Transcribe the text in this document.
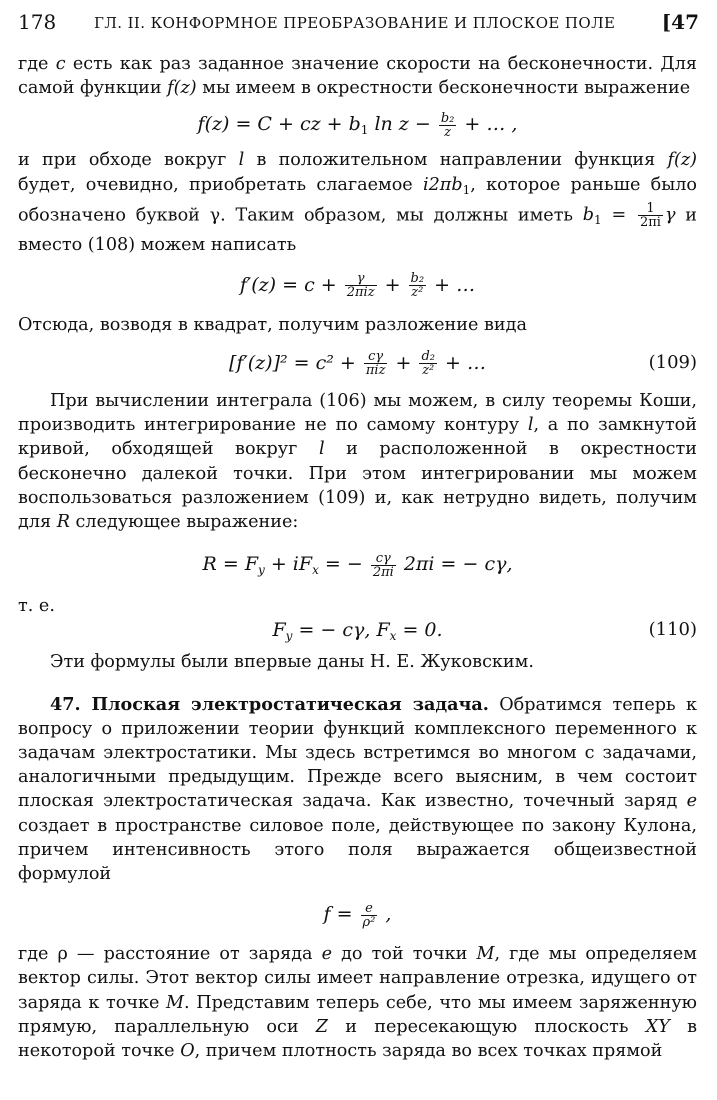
178	ГЛ. II. КОНФОРМНОЕ ПРЕОБРАЗОВАНИЕ И ПЛОСКОЕ ПОЛЕ [47

где c есть как раз заданное значение скорости на бесконечности. Для самой функции f(z) мы имеем в окрестности бесконечности выражение

f(z) = C + cz + $b_1$ $\ln z - \frac{\text{b₂}}{z}$ + … ,

и при обходе вокруг l в положительном направлении функция f(z) будет, очевидно, приобретать слагаемое $i2\pi b_1$, которое раньше было обозначено буквой γ. Таким образом, мы должны иметь $b_1 = \frac{1}{2\pi i}$ γ и вместо (108) можем написать

$f'(z) = c + \frac{\gamma}{\text{2πiz}} + \frac{\text{b₂}}{\text{z²}}$ + …

Отсюда, возводя в квадрат, получим разложение вида

$[f'(z)]^2 = c^2 + \frac{c\gamma}{\text{πiz}} + \frac{\text{d₂}}{\text{z²}}$ + …	(109)

При вычислении интеграла (106) мы можем, в силу теоремы Коши, производить интегрирование не по самому контуру l, а по замкнутой кривой, обходящей вокруг l и расположенной в окрестности бесконечно далекой точки. При этом интегрировании мы можем воспользоваться разложением (109) и, как нетрудно видеть, получим для R следующее выражение:

$R = F_y + iF_x$ = − $\frac{c\gamma}{2\pi i} 2\pi i$ = − cγ,

т. е.

$F_y$ = − cγ, $F_x = 0$.	(110)

Эти формулы были впервые даны Н. Е. Жуковским.

47. Плоская электростатическая задача. Обратимся теперь к вопросу о приложении теории функций комплексного переменного к задачам электростатики. Мы здесь встретимся во многом с задачами, аналогичными предыдущим. Прежде всего выясним, в чем состоит плоская электростатическая задача. Как известно, точечный заряд e создает в пространстве силовое поле, действующее по закону Кулона, причем интенсивность этого поля выражается общеизвестной формулой

$f = \frac{e}{\text{ρ²}}$ ,

где ρ — расстояние от заряда e до той точки M, где мы определяем вектор силы. Этот вектор силы имеет направление отрезка, идущего от заряда к точке M. Представим теперь себе, что мы имеем заряженную прямую, параллельную оси Z и пересекающую плоскость XY в некоторой точке O, причем плотность заряда во всех точках прямой
